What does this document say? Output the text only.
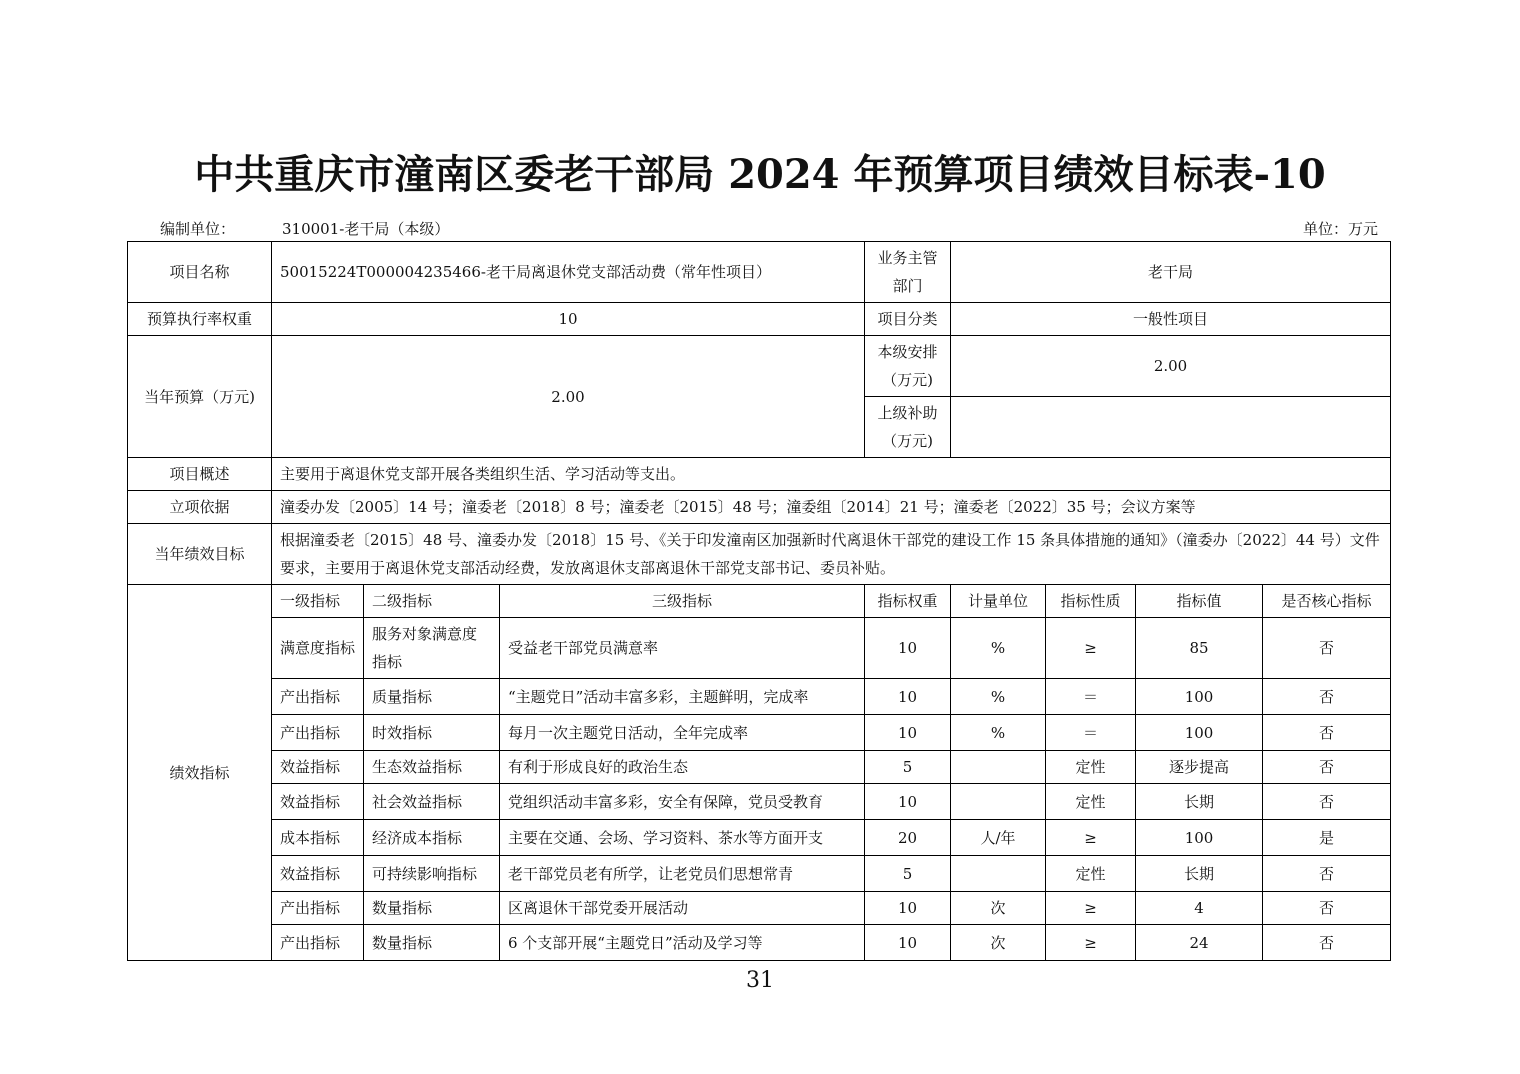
中共重庆市潼南区委老干部局 2024 年预算项目绩效目标表-10
编制单位：	310001-老干局（本级）	单位：万元
项目名称	50015224T000004235466-老干局离退休党支部活动费（常年性项目）			业务主管部门	老干局			
预算执行率权重	10			项目分类	一般性项目			
当年预算（万元)	2.00			本级安排（万元)	2.00			
				上级补助（万元)				
项目概述	主要用于离退休党支部开展各类组织生活、学习活动等支出。							
立项依据	潼委办发〔2005〕14 号；潼委老〔2018〕8 号；潼委老〔2015〕48 号；潼委组〔2014〕21 号；潼委老〔2022〕35 号；会议方案等							
当年绩效目标	根据潼委老〔2015〕48 号、潼委办发〔2018〕15 号、《关于印发潼南区加强新时代离退休干部党的建设工作 15 条具体措施的通知》（潼委办〔2022〕44 号）文件要求，主要用于离退休党支部活动经费，发放离退休支部离退休干部党支部书记、委员补贴。							
绩效指标	一级指标	二级指标	三级指标	指标权重	计量单位	指标性质	指标值	是否核心指标
	满意度指标	服务对象满意度指标	受益老干部党员满意率	10	%	≥	85	否
	产出指标	质量指标	“主题党日”活动丰富多彩，主题鲜明，完成率	10	%	＝	100	否
	产出指标	时效指标	每月一次主题党日活动，全年完成率	10	%	＝	100	否
	效益指标	生态效益指标	有利于形成良好的政治生态	5		定性	逐步提高	否
	效益指标	社会效益指标	党组织活动丰富多彩，安全有保障，党员受教育	10		定性	长期	否
	成本指标	经济成本指标	主要在交通、会场、学习资料、茶水等方面开支	20	人/年	≥	100	是
	效益指标	可持续影响指标	老干部党员老有所学，让老党员们思想常青	5		定性	长期	否
	产出指标	数量指标	区离退休干部党委开展活动	10	次	≥	4	否
	产出指标	数量指标	6 个支部开展“主题党日”活动及学习等	10	次	≥	24	否
31
